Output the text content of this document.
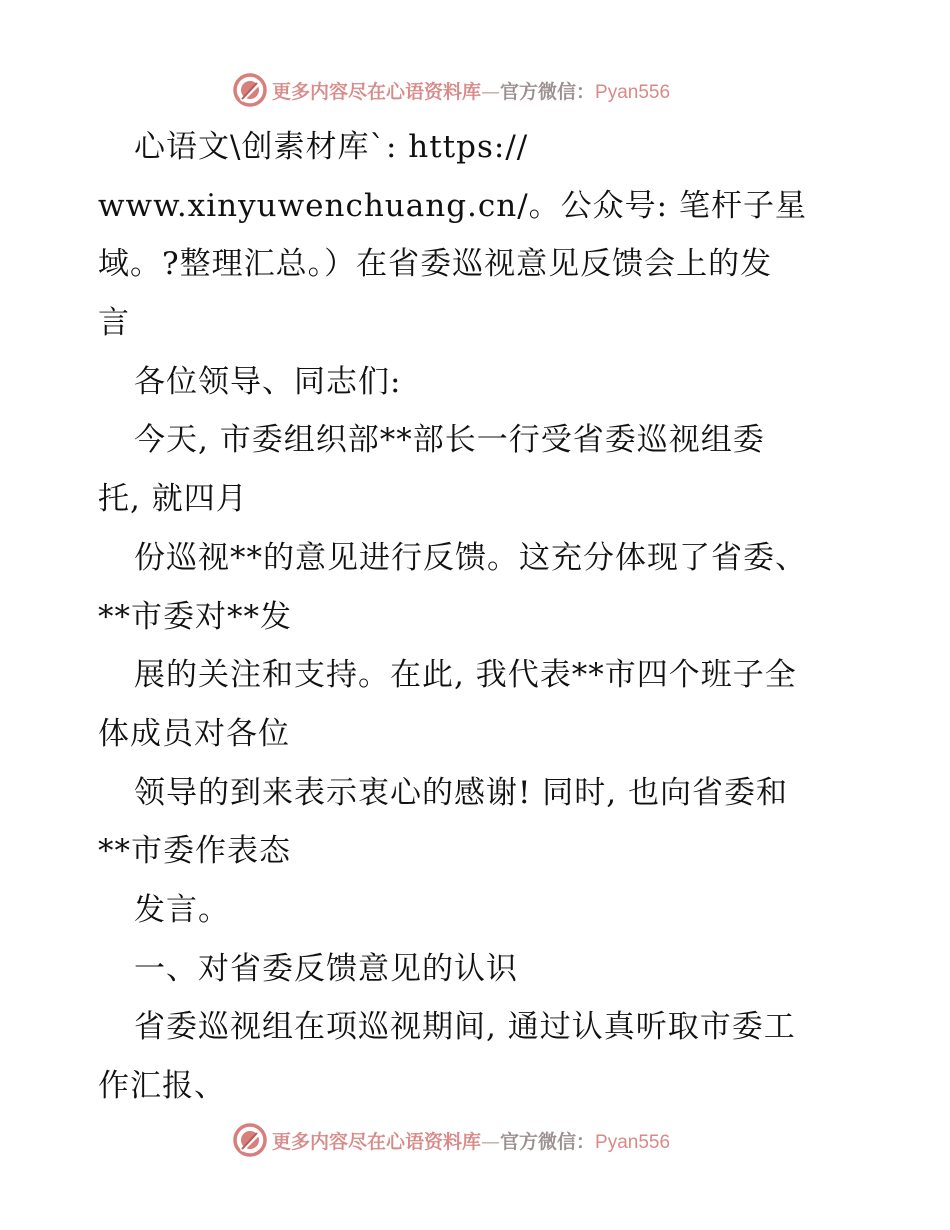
更多内容尽在心语资料库—官方微信：Pyan556
心语文\创素材库`: https://
www.xinyuwenchuang.cn/。公众号: 笔杆子星
域。?整理汇总。）在省委巡视意见反馈会上的发
言
各位领导、同志们:
今天, 市委组织部**部长一行受省委巡视组委
托, 就四月
份巡视**的意见进行反馈。这充分体现了省委、
**市委对**发
展的关注和支持。在此, 我代表**市四个班子全
体成员对各位
领导的到来表示衷心的感谢! 同时, 也向省委和
**市委作表态
发言。
一、对省委反馈意见的认识
省委巡视组在项巡视期间, 通过认真听取市委工
作汇报、
更多内容尽在心语资料库—官方微信：Pyan556
